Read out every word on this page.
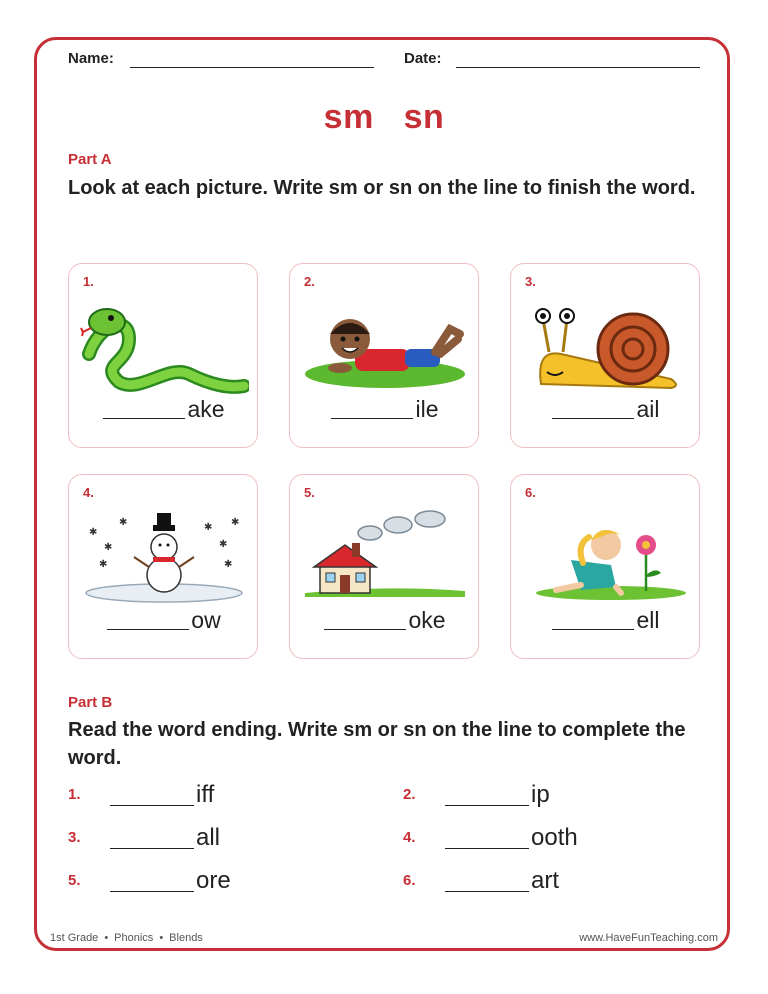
Name:	Date:
sm   sn
Part A
Look at each picture. Write sm or sn on the line to finish the word.
1.
ake
2.
ile
3.
ail
4.
✱
✱
✱	✱
✱
✱
✱	✱
ow
5.
oke
6.
ell
Part B
Read the word ending. Write sm or sn on the line to complete the word.
1.	iff	2.	ip
3.	all	4.	ooth
5.	ore	6.	art
1st Grade • Phonics • Blends	www.HaveFunTeaching.com
